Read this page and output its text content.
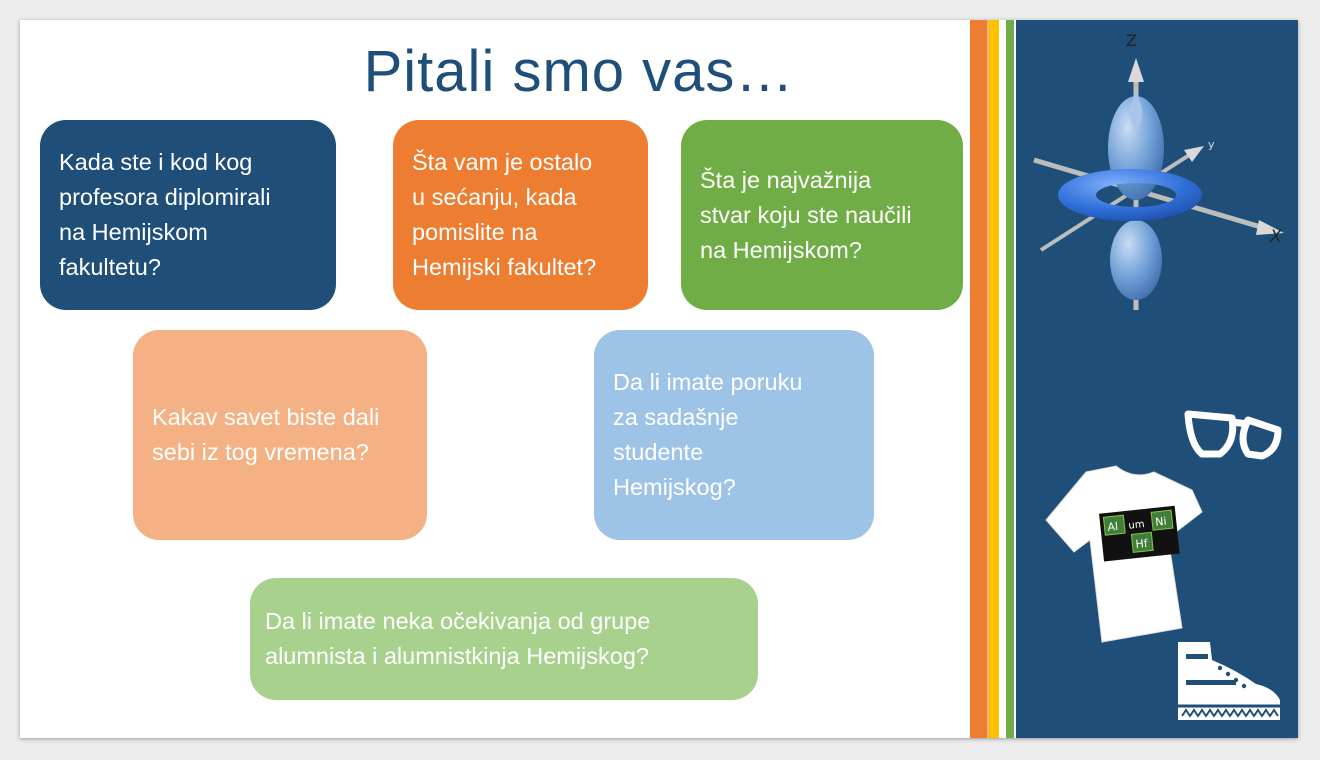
Pitali smo vas…
Kada ste i kod kog
profesora diplomirali
na Hemijskom
fakultetu?
Šta vam je ostalo
u sećanju, kada
pomislite na
Hemijski fakultet?
Šta je najvažnija
stvar koju ste naučili
na Hemijskom?
Kakav savet biste dali
sebi iz tog vremena?
Da li imate poruku
za sadašnje
studente
Hemijskog?
Da li imate neka očekivanja od grupe
alumnista i alumnistkinja Hemijskog?
Z
y
X
Al um Ni
Hf
